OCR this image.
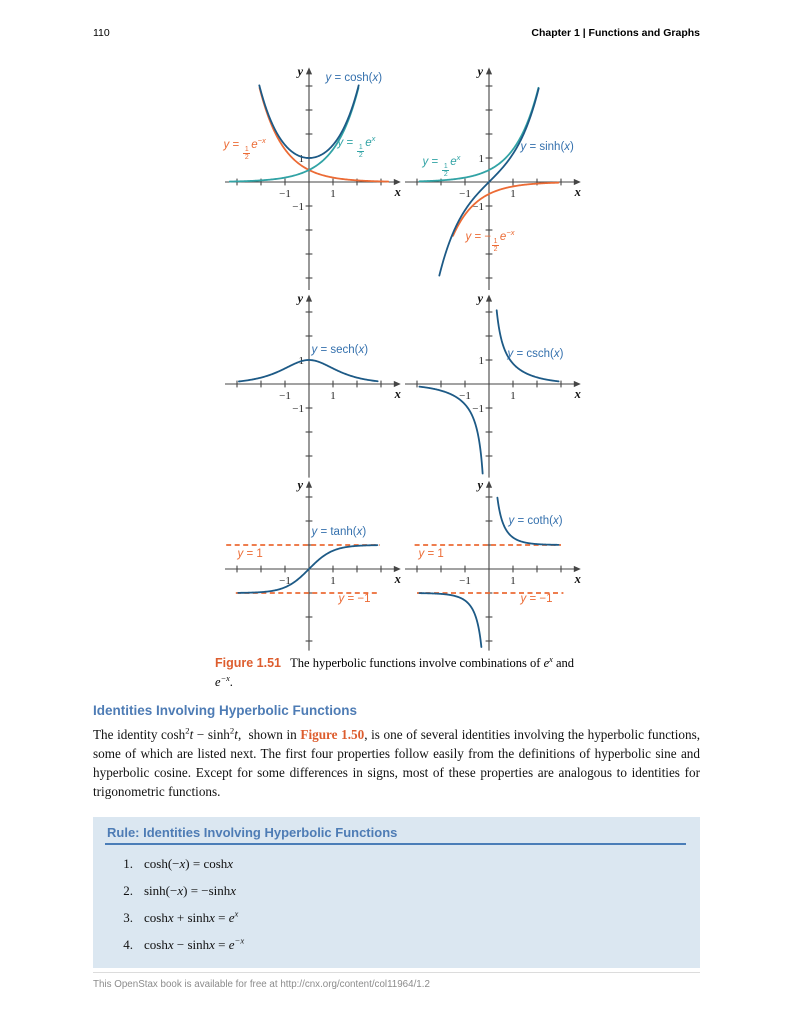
110	Chapter 1 | Functions and Graphs
x
y
−1	1
1
−1
y = cosh(x)
y =
$\frac{1}{2}$
$e^{-x}$	y =
$\frac{1}{2}$
$e^x$
x
y
−1	1
1
−1
y = sinh(x)
y =
$\frac{1}{2}$
$e^x$
y = −
$\frac{1}{2}$
$e^{-x}$
x
y
−1	1
1
−1
y = sech(x)
x
y
−1	1
1
−1
y = csch(x)
x
y
−1	1
y = tanh(x)
y = 1
y = −1
x
y
−1	1
y = coth(x)
y = 1
y = −1
Figure 1.51   The hyperbolic functions involve combinations of $e^x$ and
$e^{-x}$.
Identities Involving Hyperbolic Functions

The identity $\cosh^2t - \sinh^2t$,  shown in Figure 1.50, is one of several identities involving the hyperbolic functions, some of which are listed next. The first four properties follow easily from the definitions of hyperbolic sine and hyperbolic cosine. Except for some differences in signs, most of these properties are analogous to identities for trigonometric functions.

Rule: Identities Involving Hyperbolic Functions
1. cosh(−x) = coshx
2. sinh(−x) = −sinhx
3. $\cosh x + \sinh x = e^x$
4. $\cosh x - \sinh x = e^{-x}$
This OpenStax book is available for free at http://cnx.org/content/col11964/1.2
